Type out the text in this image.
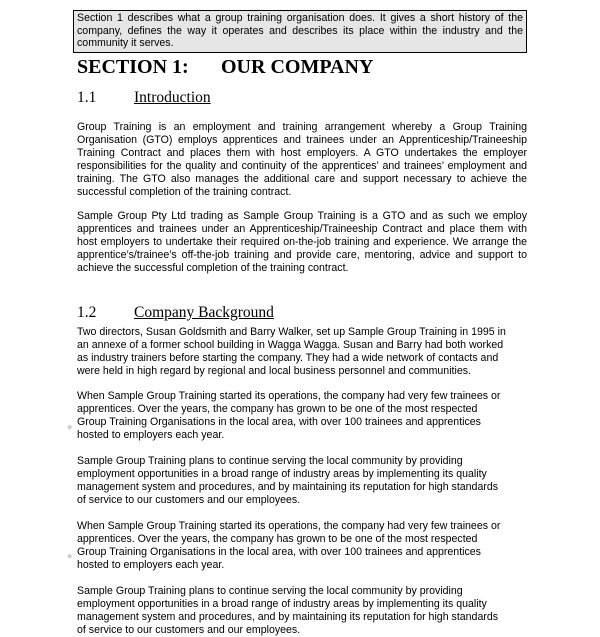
Section 1 describes what a group training organisation does. It gives a short history of the company, defines the way it operates and describes its place within the industry and the community it serves.
SECTION 1: OUR COMPANY
1.1 Introduction

Group Training is an employment and training arrangement whereby a Group Training Organisation (GTO) employs apprentices and trainees under an Apprenticeship/Traineeship Training Contract and places them with host employers. A GTO undertakes the employer responsibilities for the quality and continuity of the apprentices’ and trainees’ employment and training. The GTO also manages the additional care and support necessary to achieve the successful completion of the training contract.

Sample Group Pty Ltd trading as Sample Group Training is a GTO and as such we employ apprentices and trainees under an Apprenticeship/Traineeship Contract and place them with host employers to undertake their required on-the-job training and experience. We arrange the apprentice’s/trainee’s off-the-job training and provide care, mentoring, advice and support to achieve the successful completion of the training contract.

1.2 Company Background

Two directors, Susan Goldsmith and Barry Walker, set up Sample Group Training in 1995 in an annexe of a former school building in Wagga Wagga. Susan and Barry had both worked as industry trainers before starting the company. They had a wide network of contacts and were held in high regard by regional and local business personnel and communities.

When Sample Group Training started its operations, the company had very few trainees or apprentices. Over the years, the company has grown to be one of the most respected Group Training Organisations in the local area, with over 100 trainees and apprentices hosted to employers each year.

Sample Group Training plans to continue serving the local community by providing employment opportunities in a broad range of industry areas by implementing its quality management system and procedures, and by maintaining its reputation for high standards of service to our customers and our employees.

When Sample Group Training started its operations, the company had very few trainees or apprentices. Over the years, the company has grown to be one of the most respected Group Training Organisations in the local area, with over 100 trainees and apprentices hosted to employers each year.

Sample Group Training plans to continue serving the local community by providing employment opportunities in a broad range of industry areas by implementing its quality management system and procedures, and by maintaining its reputation for high standards of service to our customers and our employees.

◆
◆
